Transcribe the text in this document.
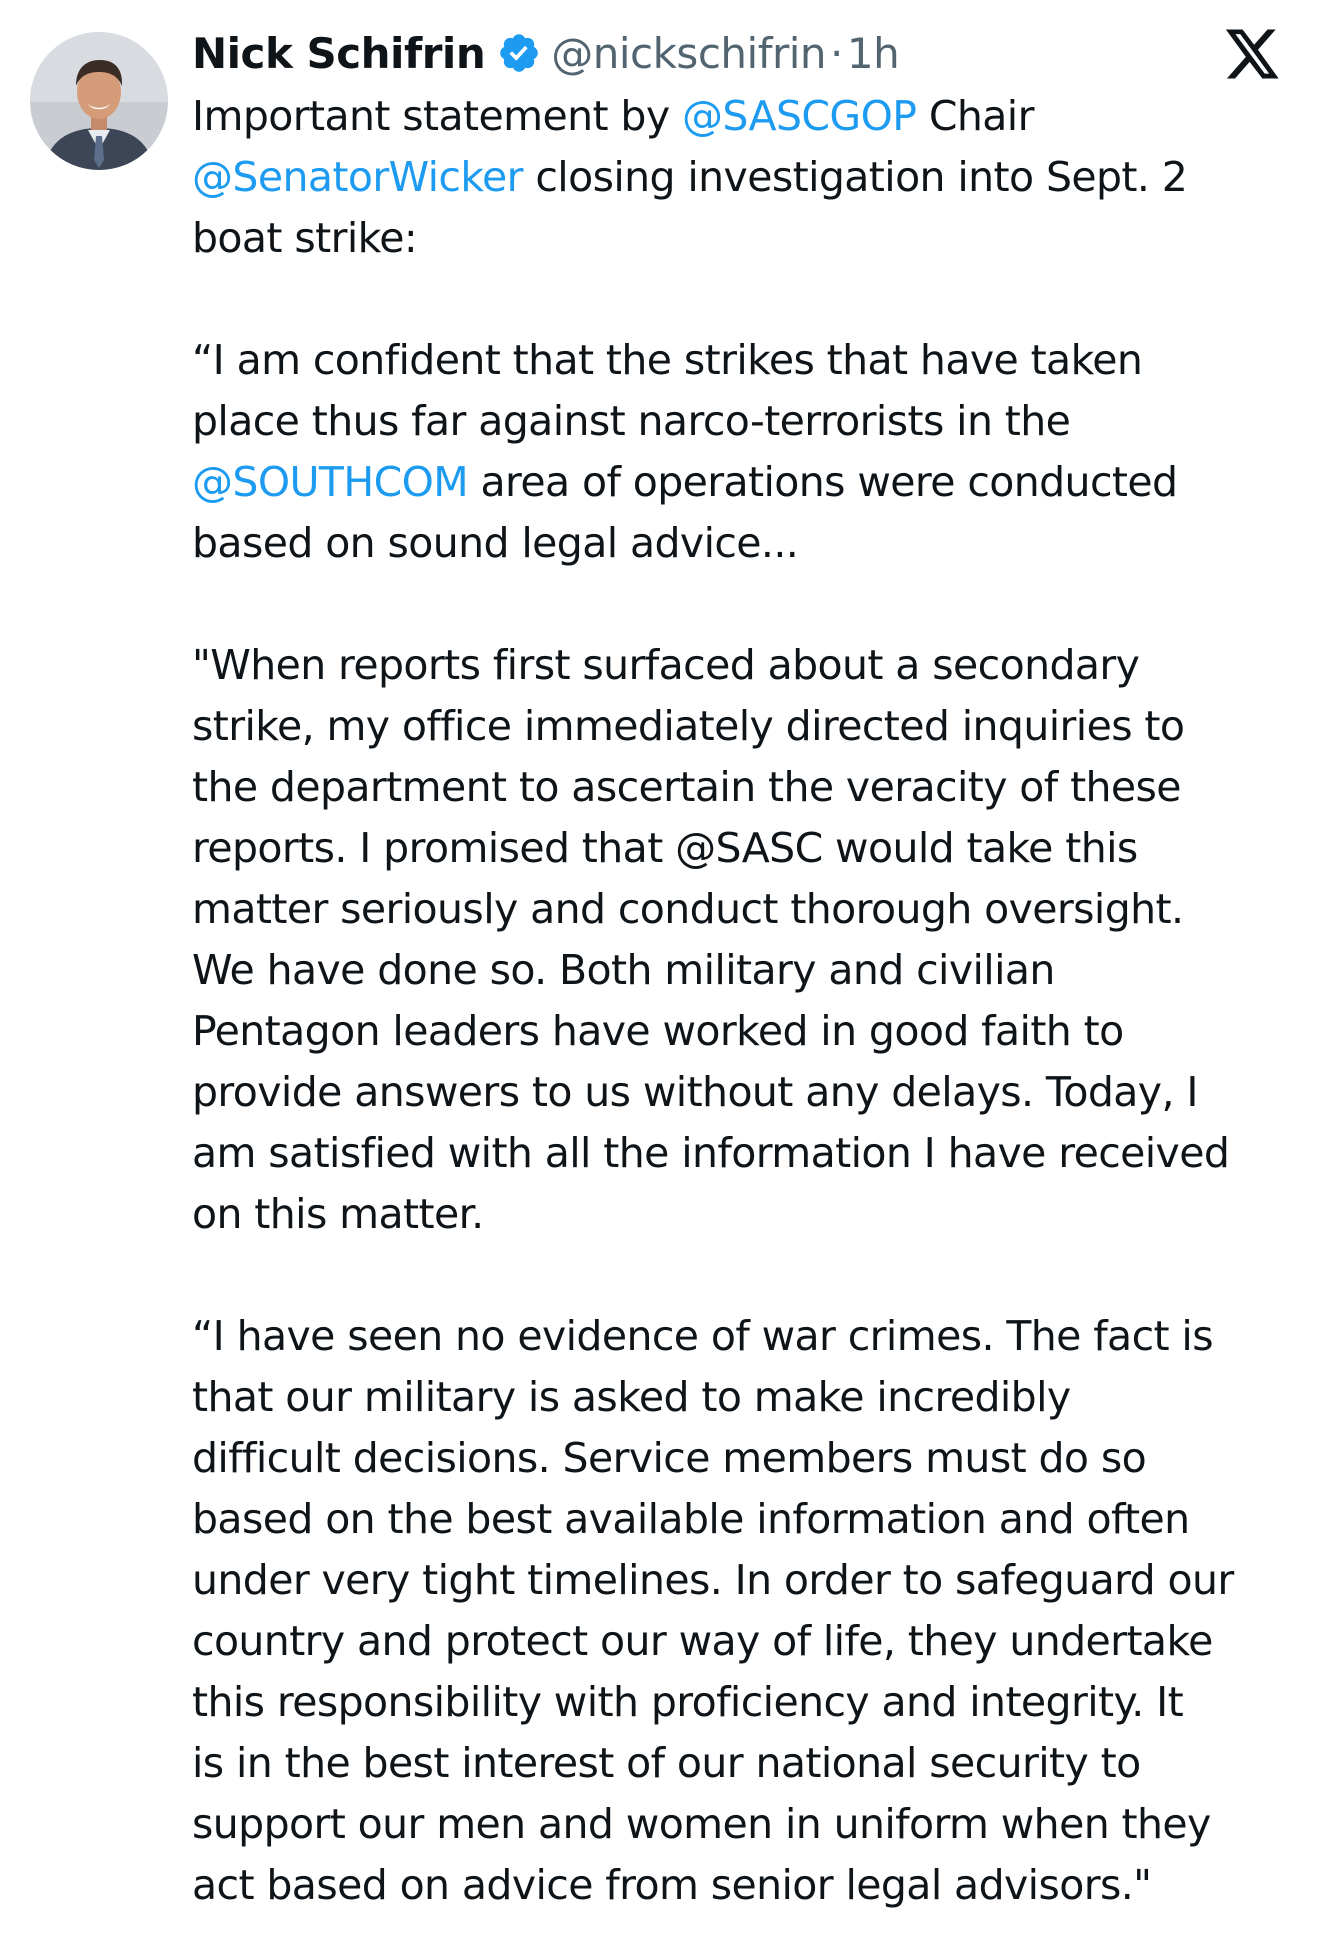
Nick Schifrin @nickschifrin · 1h

Important statement by @SASCGOP Chair
@SenatorWicker closing investigation into Sept. 2
boat strike:

“I am confident that the strikes that have taken
place thus far against narco-terrorists in the
@SOUTHCOM area of operations were conducted
based on sound legal advice...

"When reports first surfaced about a secondary
strike, my office immediately directed inquiries to
the department to ascertain the veracity of these
reports. I promised that @SASC would take this
matter seriously and conduct thorough oversight.
We have done so. Both military and civilian
Pentagon leaders have worked in good faith to
provide answers to us without any delays. Today, I
am satisfied with all the information I have received
on this matter.

“I have seen no evidence of war crimes. The fact is
that our military is asked to make incredibly
difficult decisions. Service members must do so
based on the best available information and often
under very tight timelines. In order to safeguard our
country and protect our way of life, they undertake
this responsibility with proficiency and integrity. It
is in the best interest of our national security to
support our men and women in uniform when they
act based on advice from senior legal advisors."
